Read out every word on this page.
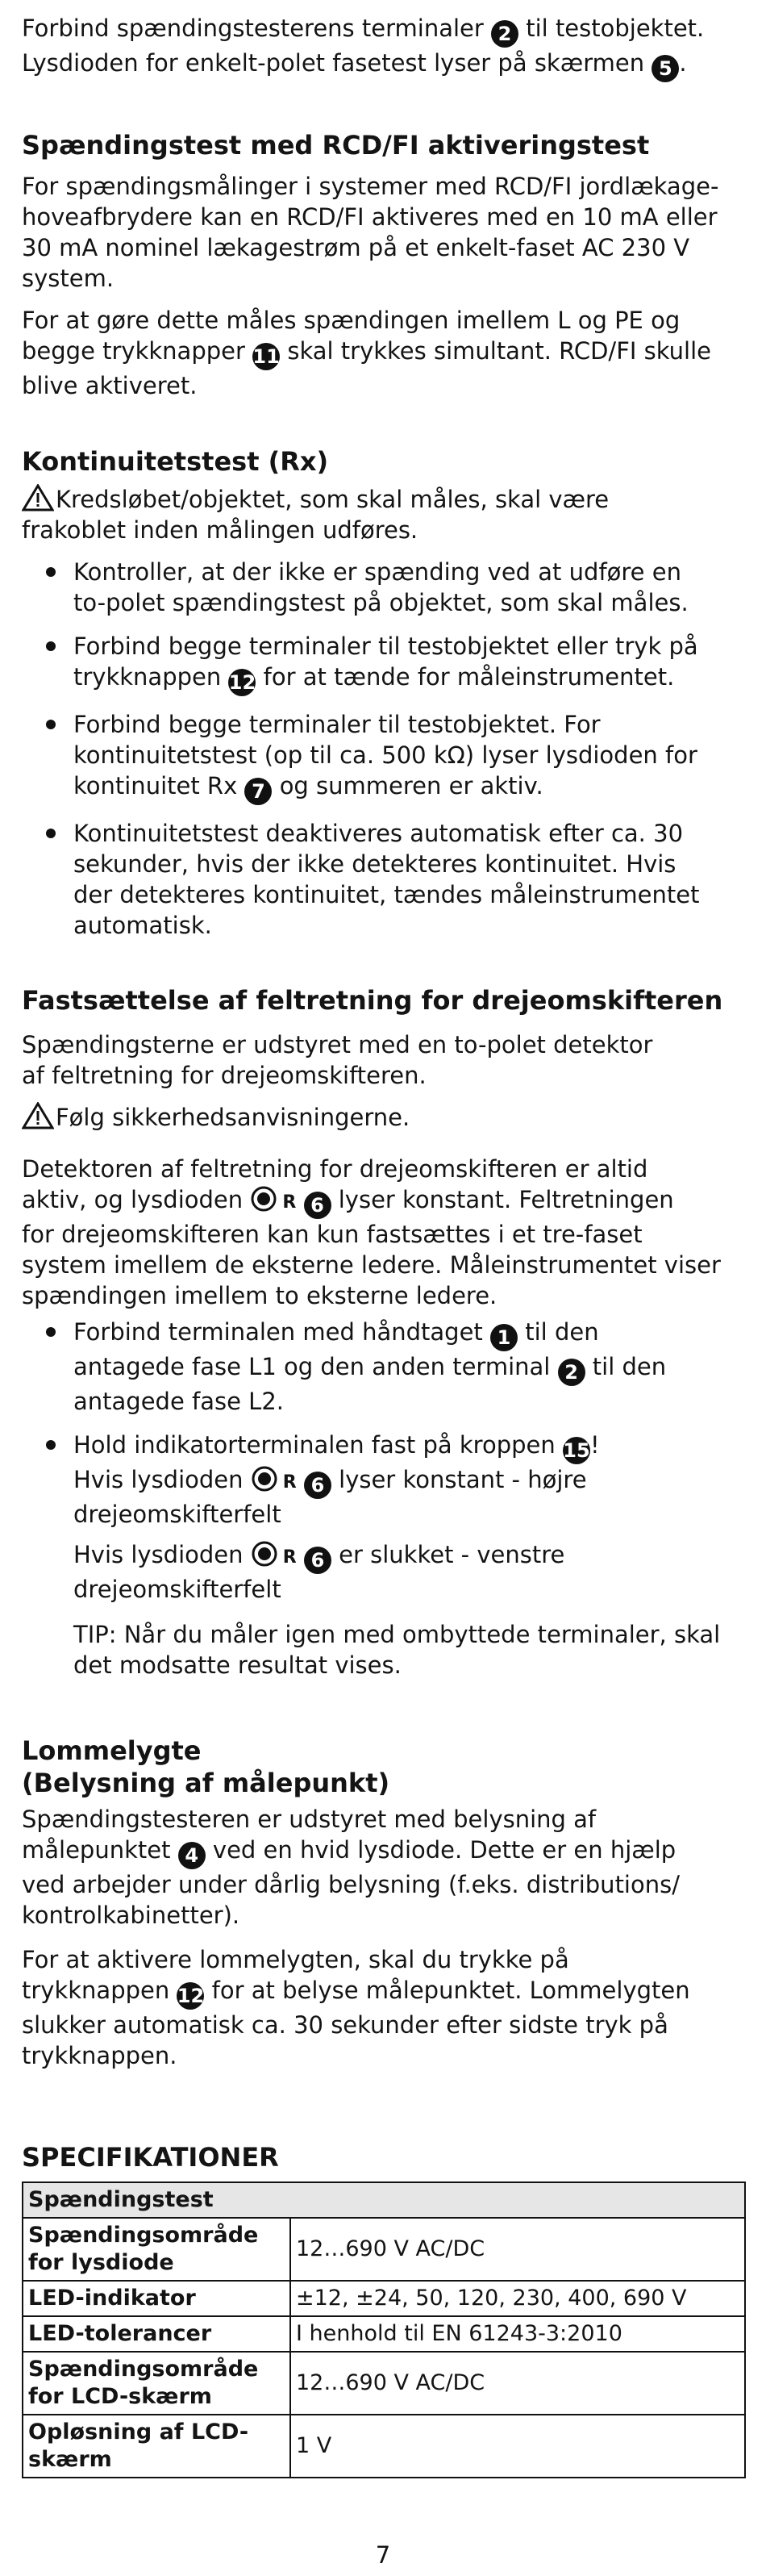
Forbind spændingstesterens terminaler 2 til testobjektet.

Lysdioden for enkelt-polet fasetest lyser på skærmen 5 .

Spændingstest med RCD/FI aktiveringstest

For spændingsmålinger i systemer med RCD/FI jordlækage-

hoveafbrydere kan en RCD/FI aktiveres med en 10 mA eller

30 mA nominel lækagestrøm på et enkelt-faset AC 230 V

system.

For at gøre dette måles spændingen imellem L og PE og

begge trykknapper 11 skal trykkes simultant. RCD/FI skulle

blive aktiveret.

Kontinuitetstest (Rx)

Kredsløbet/objektet, som skal måles, skal være

frakoblet inden målingen udføres.

Kontroller, at der ikke er spænding ved at udføre en

to-polet spændingstest på objektet, som skal måles.

Forbind begge terminaler til testobjektet eller tryk på

trykknappen 12 for at tænde for måleinstrumentet.

Forbind begge terminaler til testobjektet. For

kontinuitetstest (op til ca. 500 kΩ) lyser lysdioden for

kontinuitet Rx 7 og summeren er aktiv.

Kontinuitetstest deaktiveres automatisk efter ca. 30

sekunder, hvis der ikke detekteres kontinuitet. Hvis

der detekteres kontinuitet, tændes måleinstrumentet

automatisk.

Fastsættelse af feltretning for drejeomskifteren

Spændingsterne er udstyret med en to-polet detektor

af feltretning for drejeomskifteren.

Følg sikkerhedsanvisningerne.

Detektoren af feltretning for drejeomskifteren er altid

aktiv, og lysdioden R 6 lyser konstant. Feltretningen

for drejeomskifteren kan kun fastsættes i et tre-faset

system imellem de eksterne ledere. Måleinstrumentet viser

spændingen imellem to eksterne ledere.

Forbind terminalen med håndtaget 1 til den

antagede fase L1 og den anden terminal 2 til den

antagede fase L2.

Hold indikatorterminalen fast på kroppen 15!

Hvis lysdioden R 6 lyser konstant - højre

drejeomskifterfelt

Hvis lysdioden R 6 er slukket - venstre

drejeomskifterfelt

TIP: Når du måler igen med ombyttede terminaler, skal

det modsatte resultat vises.

Lommelygte
(Belysning af målepunkt)

Spændingstesteren er udstyret med belysning af

målepunktet 4 ved en hvid lysdiode. Dette er en hjælp

ved arbejder under dårlig belysning (f.eks. distributions/

kontrolkabinetter).

For at aktivere lommelygten, skal du trykke på

trykknappen 12 for at belyse målepunktet. Lommelygten

slukker automatisk ca. 30 sekunder efter sidste tryk på

trykknappen.

SPECIFIKATIONER
Spændingstest	
Spændingsområde
for lysdiode	12…690 V AC/DC
LED-indikator	±12, ±24, 50, 120, 230, 400, 690 V
LED-tolerancer	I henhold til EN 61243-3:2010
Spændingsområde
for LCD-skærm	12…690 V AC/DC
Opløsning af LCD-
skærm	1 V
7
